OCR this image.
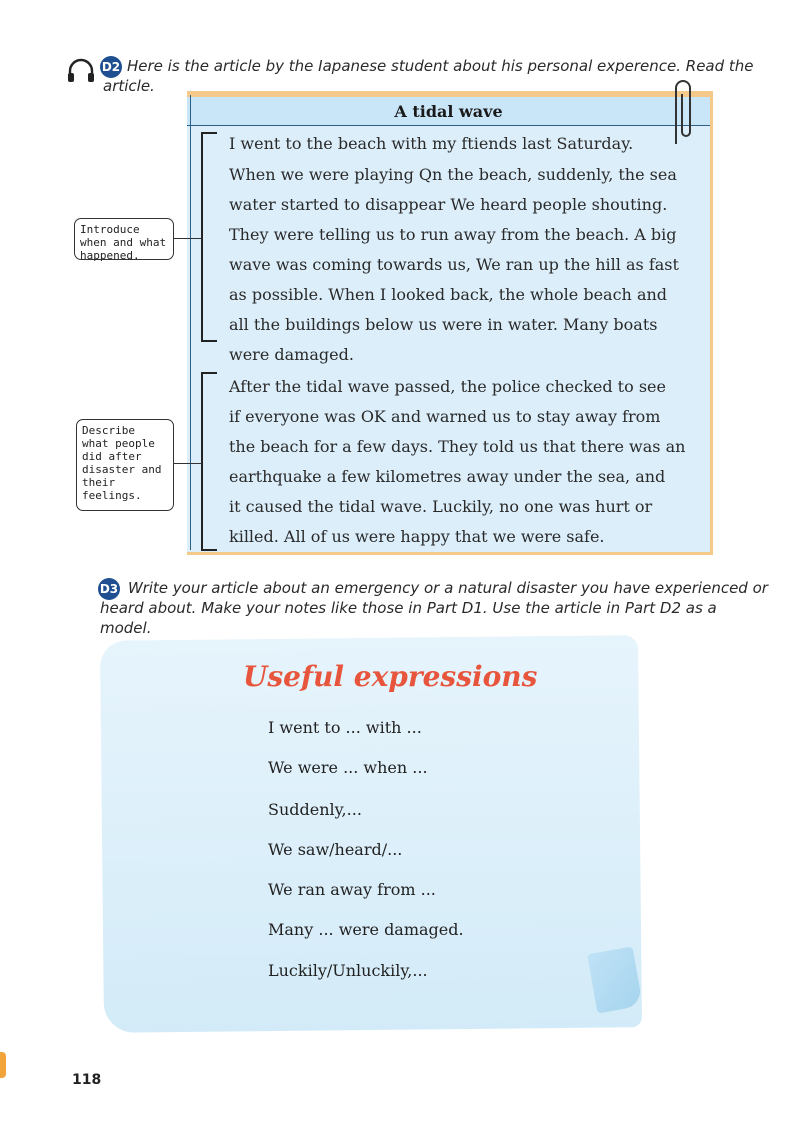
D2 Here is the article by the Iapanese student about his personal experence. Read the article.
A tidal wave
I went to the beach with my ftiends last Saturday.
When we were playing Qn the beach, suddenly, the sea
water started to disappear We heard people shouting.
They were telling us to run away from the beach. A big
wave was coming towards us, We ran up the hill as fast
as possible. When I looked back, the whole beach and
all the buildings below us were in water. Many boats
were damaged.
After the tidal wave passed, the police checked to see
if everyone was OK and warned us to stay away from
the beach for a few days. They told us that there was an
earthquake a few kilometres away under the sea, and
it caused the tidal wave. Luckily, no one was hurt or
killed. All of us were happy that we were safe.
Introduce when and what happened.
Describe what people did after disaster and their feelings.
D3 Write your article about an emergency or a natural disaster you have experienced or heard about. Make your notes like those in Part D1. Use the article in Part D2 as a model.
Useful expressions
I went to ... with ...
We were ... when ...
Suddenly,...
We saw/heard/...
We ran away from ...
Many ... were damaged.
Luckily/Unluckily,...
118
